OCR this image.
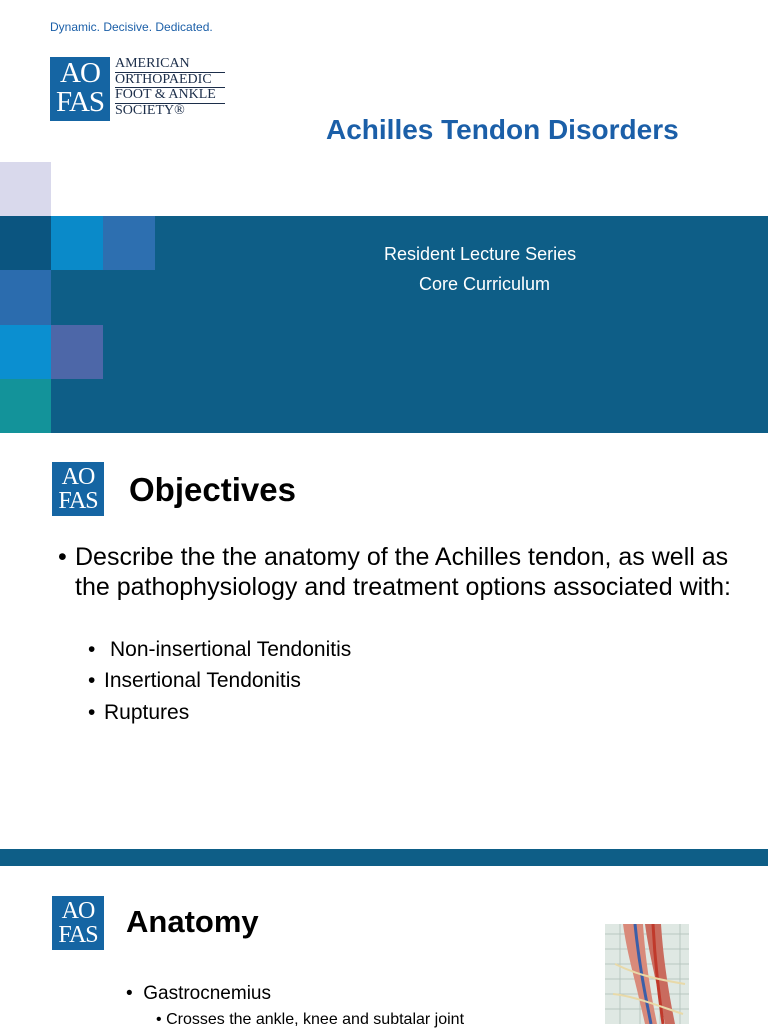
Dynamic. Decisive. Dedicated.
AO
FAS
AMERICAN
ORTHOPAEDIC
FOOT & ANKLE
SOCIETY®
Achilles Tendon Disorders
Resident Lecture Series
Core Curriculum
AO
FAS Objectives
• Describe the the anatomy of the Achilles tendon, as well as the pathophysiology and treatment options associated with:
• Non-insertional Tendonitis
• Insertional Tendonitis
• Ruptures
AO
FAS Anatomy
• Gastrocnemius
• Crosses the ankle, knee and subtalar joint
